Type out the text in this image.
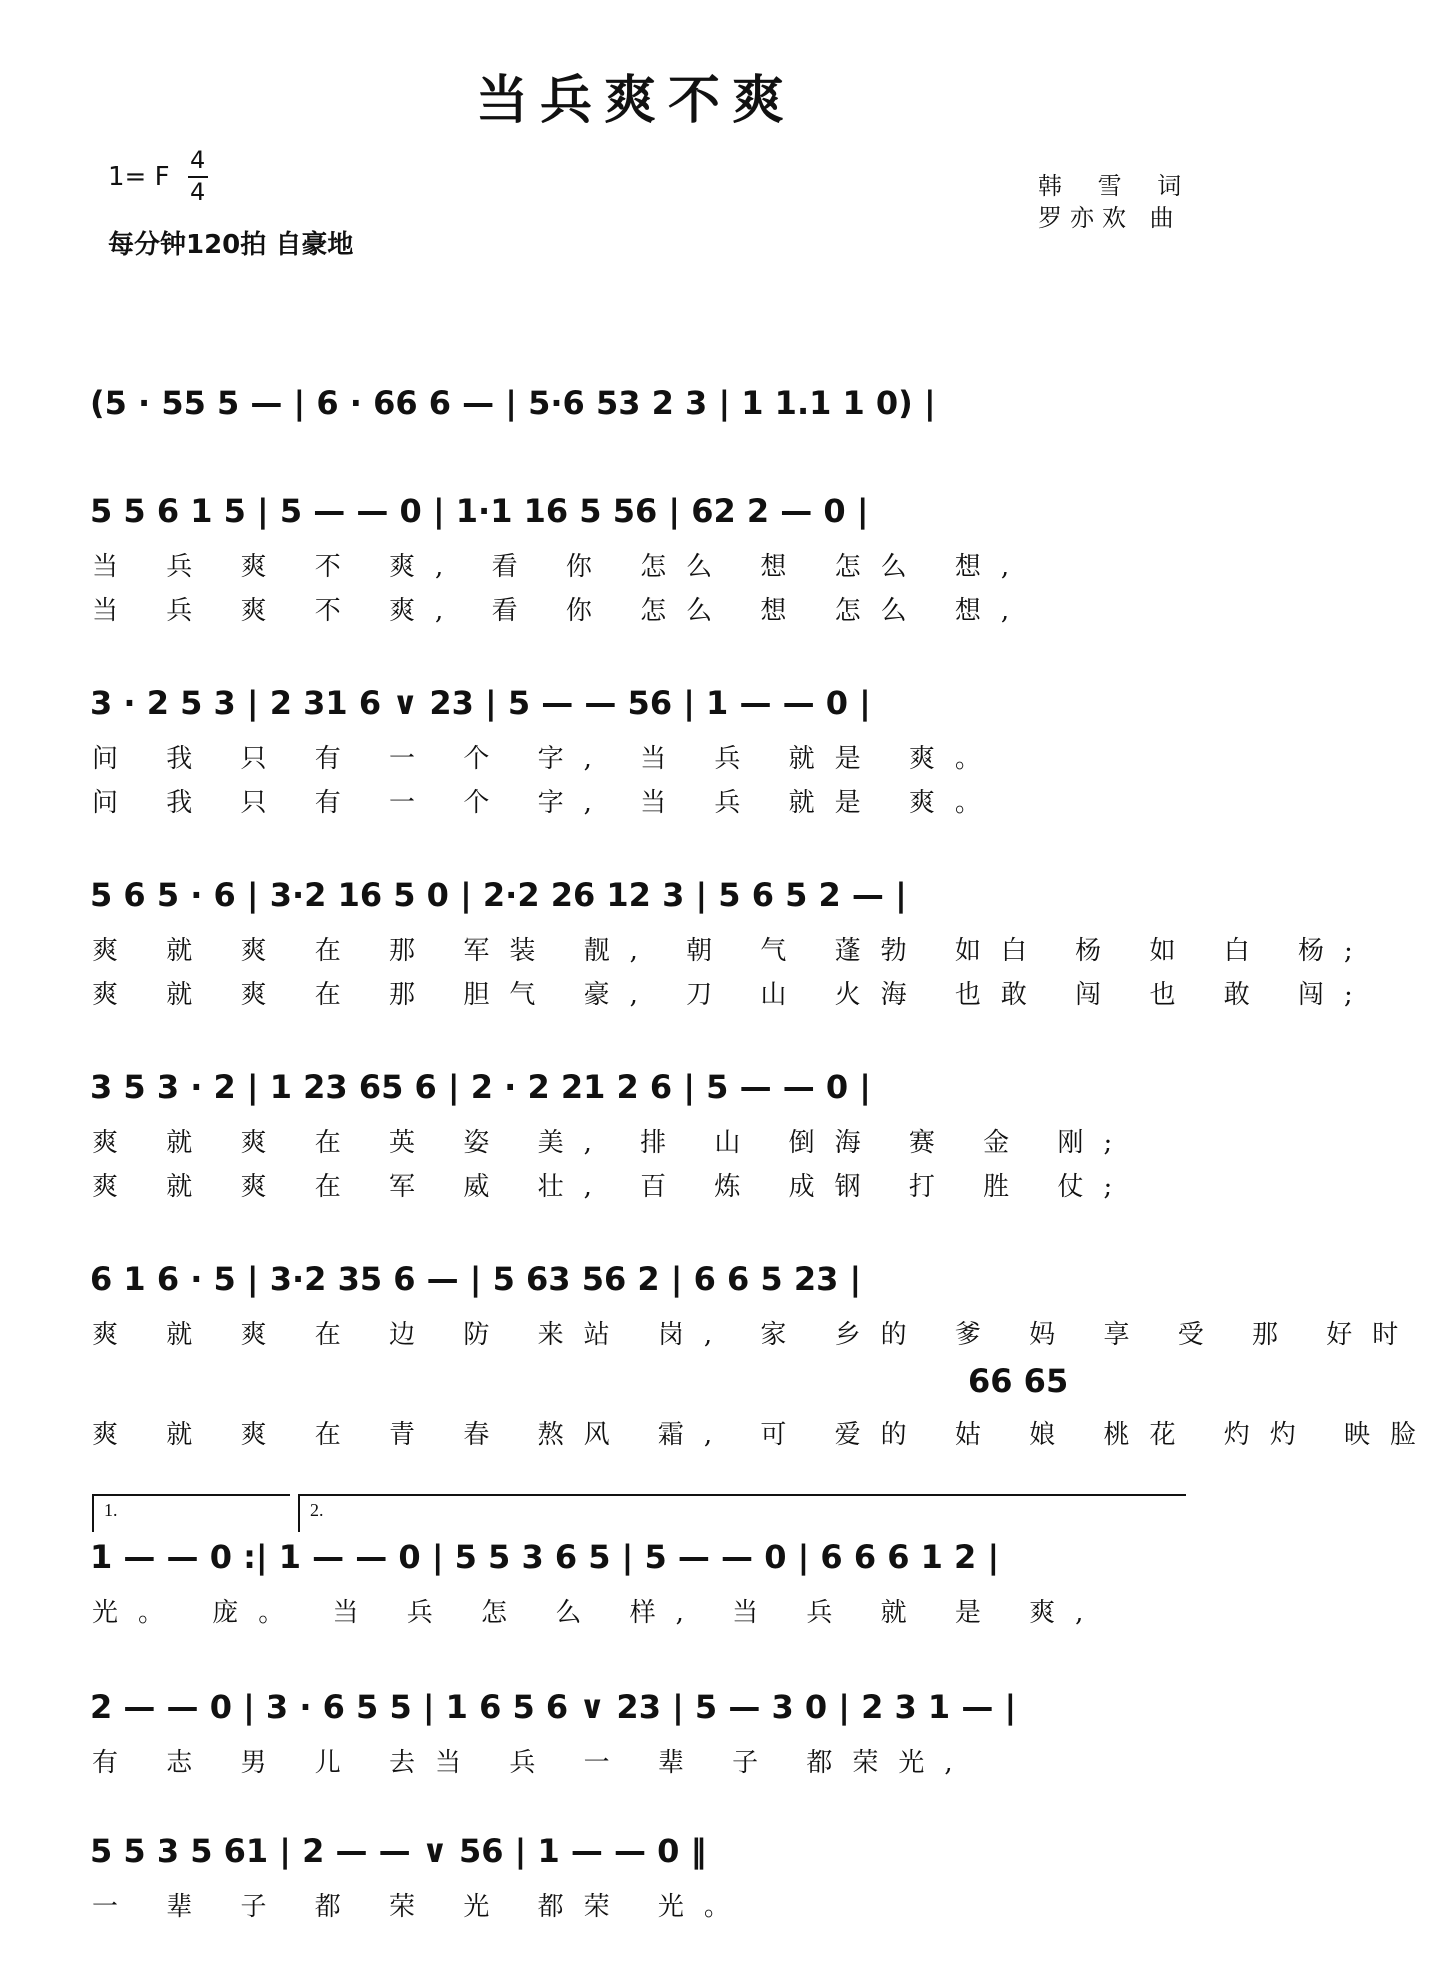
当兵爽不爽
1= F
4
4
每分钟120拍 自豪地
韩 雪 词
罗亦欢 曲
(5 · 55 5 — | 6 · 66 6 — | 5·6 53 2 3 | 1 1.1 1 0) |
5 5 6 1 5 | 5 — — 0 | 1·1 16 5 56 | 62 2 — 0 |
当 兵 爽 不 爽, 看 你 怎么 想 怎么 想,
当 兵 爽 不 爽, 看 你 怎么 想 怎么 想,
3 · 2 5 3 | 2 31 6 ∨ 23 | 5 — — 56 | 1 — — 0 |
问 我 只 有 一 个 字, 当 兵 就是 爽。
问 我 只 有 一 个 字, 当 兵 就是 爽。
5 6 5 · 6 | 3·2 16 5 0 | 2·2 26 12 3 | 5 6 5 2 — |
爽 就 爽 在 那 军装 靓, 朝 气 蓬勃 如白 杨 如 白 杨;
爽 就 爽 在 那 胆气 豪, 刀 山 火海 也敢 闯 也 敢 闯;
3 5 3 · 2 | 1 23 65 6 | 2 · 2 21 2 6 | 5 — — 0 |
爽 就 爽 在 英 姿 美, 排 山 倒海 赛 金 刚;
爽 就 爽 在 军 威 壮, 百 炼 成钢 打 胜 仗;
6 1 6 · 5 | 3·2 35 6 — | 5 63 56 2 | 6 6 5 23 |
爽 就 爽 在 边 防 来站 岗, 家 乡的 爹 妈 享 受 那 好时
66 65
爽 就 爽 在 青 春 熬风 霜, 可 爱的 姑 娘 桃花 灼灼 映脸
1.	2.
1 — — 0 :| 1 — — 0 | 5 5 3 6 5 | 5 — — 0 | 6 6 6 1 2 |
光。 庞。 当 兵 怎 么 样, 当 兵 就 是 爽,
2 — — 0 | 3 · 6 5 5 | 1 6 5 6 ∨ 23 | 5 — 3 0 | 2 3 1 — |
有 志 男 儿 去当 兵 一 辈 子 都荣光,
5 5 3 5 61 | 2 — — ∨ 56 | 1 — — 0 ‖
一 辈 子 都 荣 光 都荣 光。
